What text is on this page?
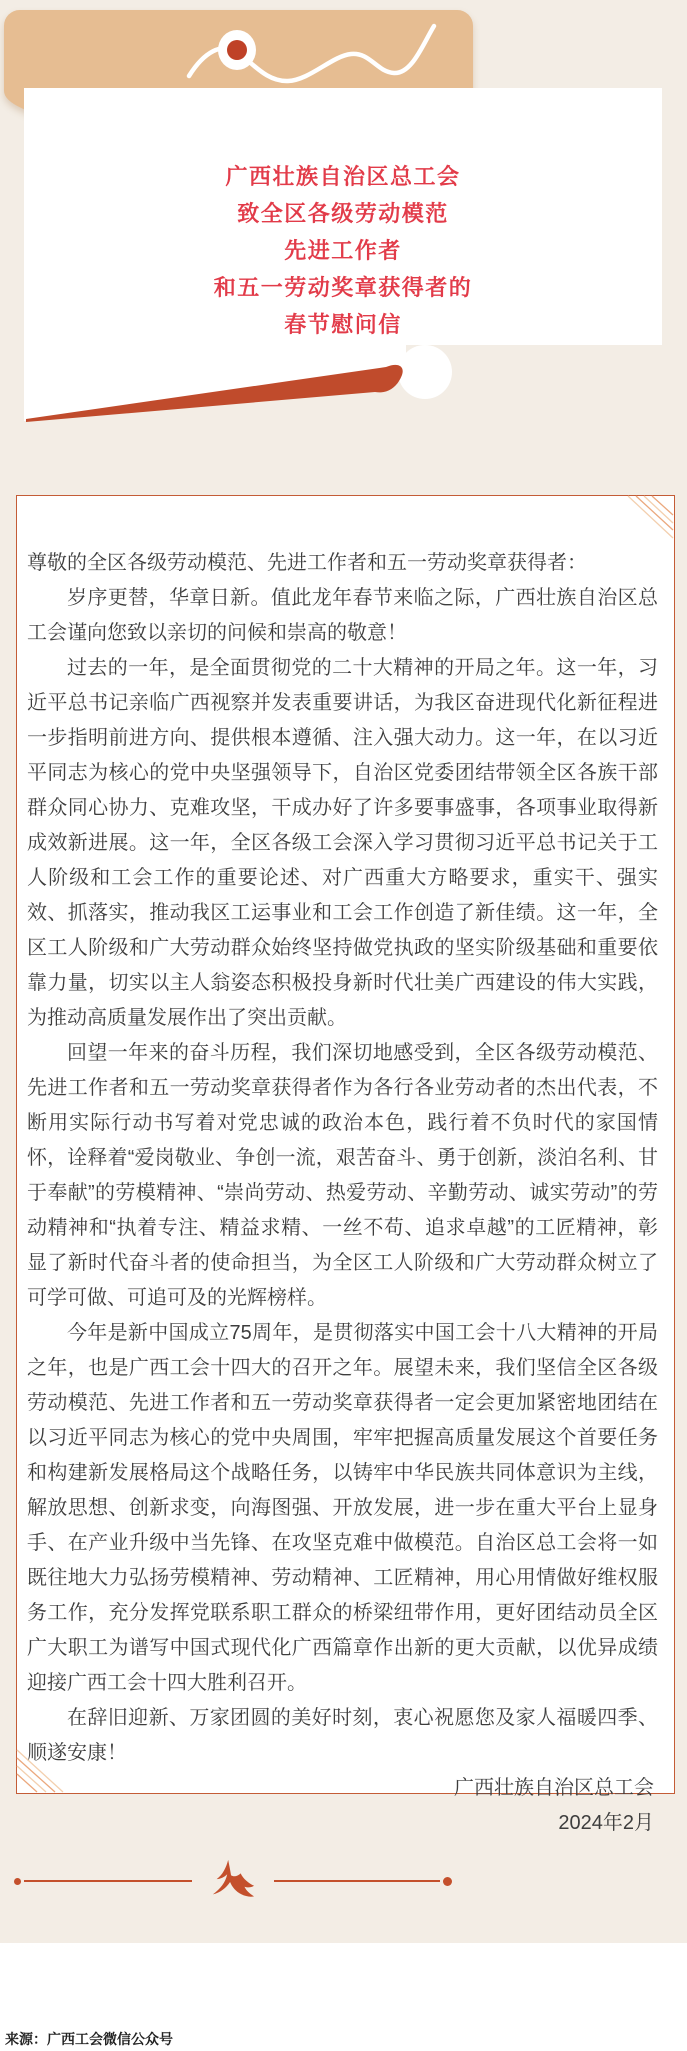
广西壮族自治区总工会
致全区各级劳动模范
先进工作者
和五一劳动奖章获得者的
春节慰问信

尊敬的全区各级劳动模范、先进工作者和五一劳动奖章获得者：

岁序更替，华章日新。值此龙年春节来临之际，广西壮族自治区总工会谨向您致以亲切的问候和崇高的敬意！

过去的一年，是全面贯彻党的二十大精神的开局之年。这一年，习近平总书记亲临广西视察并发表重要讲话，为我区奋进现代化新征程进一步指明前进方向、提供根本遵循、注入强大动力。这一年，在以习近平同志为核心的党中央坚强领导下，自治区党委团结带领全区各族干部群众同心协力、克难攻坚，干成办好了许多要事盛事，各项事业取得新成效新进展。这一年，全区各级工会深入学习贯彻习近平总书记关于工人阶级和工会工作的重要论述、对广西重大方略要求，重实干、强实效、抓落实，推动我区工运事业和工会工作创造了新佳绩。这一年，全区工人阶级和广大劳动群众始终坚持做党执政的坚实阶级基础和重要依靠力量，切实以主人翁姿态积极投身新时代壮美广西建设的伟大实践，为推动高质量发展作出了突出贡献。

回望一年来的奋斗历程，我们深切地感受到，全区各级劳动模范、先进工作者和五一劳动奖章获得者作为各行各业劳动者的杰出代表，不断用实际行动书写着对党忠诚的政治本色，践行着不负时代的家国情怀，诠释着“爱岗敬业、争创一流，艰苦奋斗、勇于创新，淡泊名利、甘于奉献”的劳模精神、“崇尚劳动、热爱劳动、辛勤劳动、诚实劳动”的劳动精神和“执着专注、精益求精、一丝不苟、追求卓越”的工匠精神，彰显了新时代奋斗者的使命担当，为全区工人阶级和广大劳动群众树立了可学可做、可追可及的光辉榜样。

今年是新中国成立75周年，是贯彻落实中国工会十八大精神的开局之年，也是广西工会十四大的召开之年。展望未来，我们坚信全区各级劳动模范、先进工作者和五一劳动奖章获得者一定会更加紧密地团结在以习近平同志为核心的党中央周围，牢牢把握高质量发展这个首要任务和构建新发展格局这个战略任务，以铸牢中华民族共同体意识为主线，解放思想、创新求变，向海图强、开放发展，进一步在重大平台上显身手、在产业升级中当先锋、在攻坚克难中做模范。自治区总工会将一如既往地大力弘扬劳模精神、劳动精神、工匠精神，用心用情做好维权服务工作，充分发挥党联系职工群众的桥梁纽带作用，更好团结动员全区广大职工为谱写中国式现代化广西篇章作出新的更大贡献，以优异成绩迎接广西工会十四大胜利召开。

在辞旧迎新、万家团圆的美好时刻，衷心祝愿您及家人福暖四季、顺遂安康！

广西壮族自治区总工会
2024年2月
来源：广西工会微信公众号
